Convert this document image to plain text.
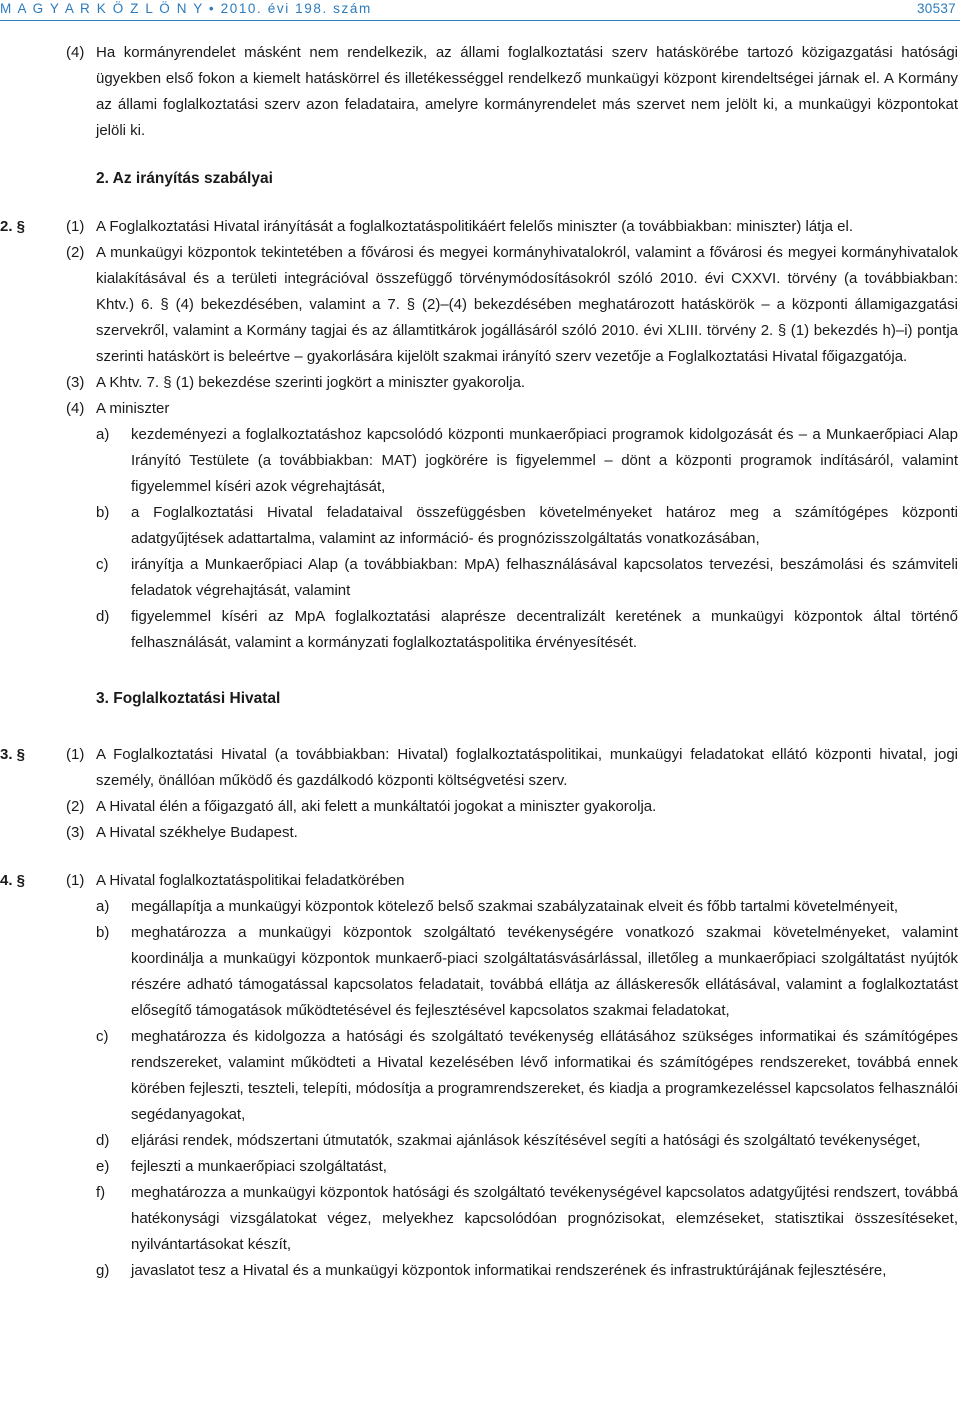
M A G Y A R K Ö Z L Ö N Y • 2010. évi 198. szám	30537
(4) Ha kormányrendelet másként nem rendelkezik, az állami foglalkoztatási szerv hatáskörébe tartozó közigazgatási hatósági ügyekben első fokon a kiemelt hatáskörrel és illetékességgel rendelkező munkaügyi központ kirendeltségei járnak el. A Kormány az állami foglalkoztatási szerv azon feladataira, amelyre kormányrendelet más szervet nem jelölt ki, a munkaügyi központokat jelöli ki.
2. Az irányítás szabályai
2. §	(1) A Foglalkoztatási Hivatal irányítását a foglalkoztatáspolitikáért felelős miniszter (a továbbiakban: miniszter) látja el.
(2) A munkaügyi központok tekintetében a fővárosi és megyei kormányhivatalokról, valamint a fővárosi és megyei kormányhivatalok kialakításával és a területi integrációval összefüggő törvénymódosításokról szóló 2010. évi CXXVI. törvény (a továbbiakban: Khtv.) 6. § (4) bekezdésében, valamint a 7. § (2)–(4) bekezdésében meghatározott hatáskörök – a központi államigazgatási szervekről, valamint a Kormány tagjai és az államtitkárok jogállásáról szóló 2010. évi XLIII. törvény 2. § (1) bekezdés h)–i) pontja szerinti hatáskört is beleértve – gyakorlására kijelölt szakmai irányító szerv vezetője a Foglalkoztatási Hivatal főigazgatója.
(3) A Khtv. 7. § (1) bekezdése szerinti jogkört a miniszter gyakorolja.
(4) A miniszter
a) kezdeményezi a foglalkoztatáshoz kapcsolódó központi munkaerőpiaci programok kidolgozását és – a Munkaerőpiaci Alap Irányító Testülete (a továbbiakban: MAT) jogkörére is figyelemmel – dönt a központi programok indításáról, valamint figyelemmel kíséri azok végrehajtását,
b) a Foglalkoztatási Hivatal feladataival összefüggésben követelményeket határoz meg a számítógépes központi adatgyűjtések adattartalma, valamint az információ- és prognózisszolgáltatás vonatkozásában,
c) irányítja a Munkaerőpiaci Alap (a továbbiakban: MpA) felhasználásával kapcsolatos tervezési, beszámolási és számviteli feladatok végrehajtását, valamint
d) figyelemmel kíséri az MpA foglalkoztatási alaprésze decentralizált keretének a munkaügyi központok által történő felhasználását, valamint a kormányzati foglalkoztatáspolitika érvényesítését.
3. Foglalkoztatási Hivatal
3. §	(1) A Foglalkoztatási Hivatal (a továbbiakban: Hivatal) foglalkoztatáspolitikai, munkaügyi feladatokat ellátó központi hivatal, jogi személy, önállóan működő és gazdálkodó központi költségvetési szerv.
(2) A Hivatal élén a főigazgató áll, aki felett a munkáltatói jogokat a miniszter gyakorolja.
(3) A Hivatal székhelye Budapest.
4. §	(1) A Hivatal foglalkoztatáspolitikai feladatkörében
a) megállapítja a munkaügyi központok kötelező belső szakmai szabályzatainak elveit és főbb tartalmi követelményeit,
b) meghatározza a munkaügyi központok szolgáltató tevékenységére vonatkozó szakmai követelményeket, valamint koordinálja a munkaügyi központok munkaerő-piaci szolgáltatásvásárlással, illetőleg a munkaerőpiaci szolgáltatást nyújtók részére adható támogatással kapcsolatos feladatait, továbbá ellátja az álláskeresők ellátásával, valamint a foglalkoztatást elősegítő támogatások működtetésével és fejlesztésével kapcsolatos szakmai feladatokat,
c) meghatározza és kidolgozza a hatósági és szolgáltató tevékenység ellátásához szükséges informatikai és számítógépes rendszereket, valamint működteti a Hivatal kezelésében lévő informatikai és számítógépes rendszereket, továbbá ennek körében fejleszti, teszteli, telepíti, módosítja a programrendszereket, és kiadja a programkezeléssel kapcsolatos felhasználói segédanyagokat,
d) eljárási rendek, módszertani útmutatók, szakmai ajánlások készítésével segíti a hatósági és szolgáltató tevékenységet,
e) fejleszti a munkaerőpiaci szolgáltatást,
f) meghatározza a munkaügyi központok hatósági és szolgáltató tevékenységével kapcsolatos adatgyűjtési rendszert, továbbá hatékonysági vizsgálatokat végez, melyekhez kapcsolódóan prognózisokat, elemzéseket, statisztikai összesítéseket, nyilvántartásokat készít,
g) javaslatot tesz a Hivatal és a munkaügyi központok informatikai rendszerének és infrastruktúrájának fejlesztésére,
